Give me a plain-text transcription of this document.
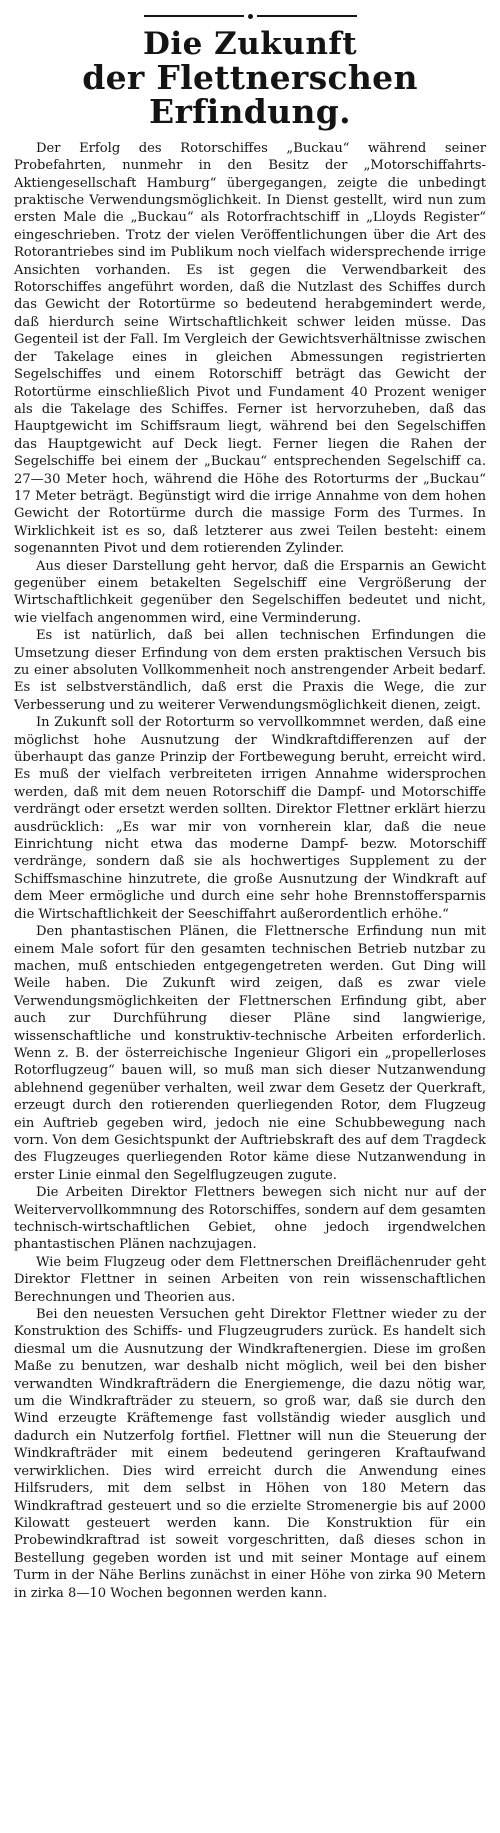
Die Zukunft
der Flettnerschen Erfindung.

Der Erfolg des Rotorschiffes „Buckau“ während seiner Probefahrten, nunmehr in den Besitz der „Motorschiffahrts-Aktiengesellschaft Hamburg“ übergegangen, zeigte die unbedingt praktische Verwendungsmöglichkeit. In Dienst gestellt, wird nun zum ersten Male die „Buckau“ als Rotorfrachtschiff in „Lloyds Register“ eingeschrieben. Trotz der vielen Veröffentlichungen über die Art des Rotorantriebes sind im Publikum noch vielfach widersprechende irrige Ansichten vorhanden. Es ist gegen die Verwendbarkeit des Rotorschiffes angeführt worden, daß die Nutzlast des Schiffes durch das Gewicht der Rotortürme so bedeutend herabgemindert werde, daß hierdurch seine Wirtschaftlichkeit schwer leiden müsse. Das Gegenteil ist der Fall. Im Vergleich der Gewichtsverhältnisse zwischen der Takelage eines in gleichen Abmessungen registrierten Segelschiffes und einem Rotorschiff beträgt das Gewicht der Rotortürme einschließlich Pivot und Fundament 40 Prozent weniger als die Takelage des Schiffes. Ferner ist hervorzuheben, daß das Hauptgewicht im Schiffsraum liegt, während bei den Segelschiffen das Hauptgewicht auf Deck liegt. Ferner liegen die Rahen der Segelschiffe bei einem der „Buckau“ entsprechenden Segelschiff ca. 27—30 Meter hoch, während die Höhe des Rotorturms der „Buckau“ 17 Meter beträgt. Begünstigt wird die irrige Annahme von dem hohen Gewicht der Rotortürme durch die massige Form des Turmes. In Wirklichkeit ist es so, daß letzterer aus zwei Teilen besteht: einem sogenannten Pivot und dem rotierenden Zylinder.

Aus dieser Darstellung geht hervor, daß die Ersparnis an Gewicht gegenüber einem betakelten Segelschiff eine Vergrößerung der Wirtschaftlichkeit gegenüber den Segelschiffen bedeutet und nicht, wie vielfach angenommen wird, eine Verminderung.

Es ist natürlich, daß bei allen technischen Erfindungen die Umsetzung dieser Erfindung von dem ersten praktischen Versuch bis zu einer absoluten Vollkommenheit noch anstrengender Arbeit bedarf. Es ist selbstverständlich, daß erst die Praxis die Wege, die zur Verbesserung und zu weiterer Verwendungsmöglichkeit dienen, zeigt.

In Zukunft soll der Rotorturm so vervollkommnet werden, daß eine möglichst hohe Ausnutzung der Windkraftdifferenzen auf der überhaupt das ganze Prinzip der Fortbewegung beruht, erreicht wird. Es muß der vielfach verbreiteten irrigen Annahme widersprochen werden, daß mit dem neuen Rotorschiff die Dampf- und Motorschiffe verdrängt oder ersetzt werden sollten. Direktor Flettner erklärt hierzu ausdrücklich: „Es war mir von vornherein klar, daß die neue Einrichtung nicht etwa das moderne Dampf- bezw. Motorschiff verdränge, sondern daß sie als hochwertiges Supplement zu der Schiffsmaschine hinzutrete, die große Ausnutzung der Windkraft auf dem Meer ermögliche und durch eine sehr hohe Brennstoffersparnis die Wirtschaftlichkeit der Seeschiffahrt außerordentlich erhöhe.“

Den phantastischen Plänen, die Flettnersche Erfindung nun mit einem Male sofort für den gesamten technischen Betrieb nutzbar zu machen, muß entschieden entgegengetreten werden. Gut Ding will Weile haben. Die Zukunft wird zeigen, daß es zwar viele Verwendungsmöglichkeiten der Flettnerschen Erfindung gibt, aber auch zur Durchführung dieser Pläne sind langwierige, wissenschaftliche und konstruktiv-technische Arbeiten erforderlich. Wenn z. B. der österreichische Ingenieur Gligori ein „propellerloses Rotorflugzeug“ bauen will, so muß man sich dieser Nutzanwendung ablehnend gegenüber verhalten, weil zwar dem Gesetz der Querkraft, erzeugt durch den rotierenden querliegenden Rotor, dem Flugzeug ein Auftrieb gegeben wird, jedoch nie eine Schubbewegung nach vorn. Von dem Gesichtspunkt der Auftriebskraft des auf dem Tragdeck des Flugzeuges querliegenden Rotor käme diese Nutzanwendung in erster Linie einmal den Segelflugzeugen zugute.

Die Arbeiten Direktor Flettners bewegen sich nicht nur auf der Weitervervollkommnung des Rotorschiffes, sondern auf dem gesamten technisch-wirtschaftlichen Gebiet, ohne jedoch irgendwelchen phantastischen Plänen nachzujagen.

Wie beim Flugzeug oder dem Flettnerschen Dreiflächenruder geht Direktor Flettner in seinen Arbeiten von rein wissenschaftlichen Berechnungen und Theorien aus.

Bei den neuesten Versuchen geht Direktor Flettner wieder zu der Konstruktion des Schiffs- und Flugzeugruders zurück. Es handelt sich diesmal um die Ausnutzung der Windkraftenergien. Diese im großen Maße zu benutzen, war deshalb nicht möglich, weil bei den bisher verwandten Windkrafträdern die Energiemenge, die dazu nötig war, um die Windkrafträder zu steuern, so groß war, daß sie durch den Wind erzeugte Kräftemenge fast vollständig wieder ausglich und dadurch ein Nutzerfolg fortfiel. Flettner will nun die Steuerung der Windkrafträder mit einem bedeutend geringeren Kraftaufwand verwirklichen. Dies wird erreicht durch die Anwendung eines Hilfsruders, mit dem selbst in Höhen von 180 Metern das Windkraftrad gesteuert und so die erzielte Stromenergie bis auf 2000 Kilowatt gesteuert werden kann. Die Konstruktion für ein Probewindkraftrad ist soweit vorgeschritten, daß dieses schon in Bestellung gegeben worden ist und mit seiner Montage auf einem Turm in der Nähe Berlins zunächst in einer Höhe von zirka 90 Metern in zirka 8—10 Wochen begonnen werden kann.
